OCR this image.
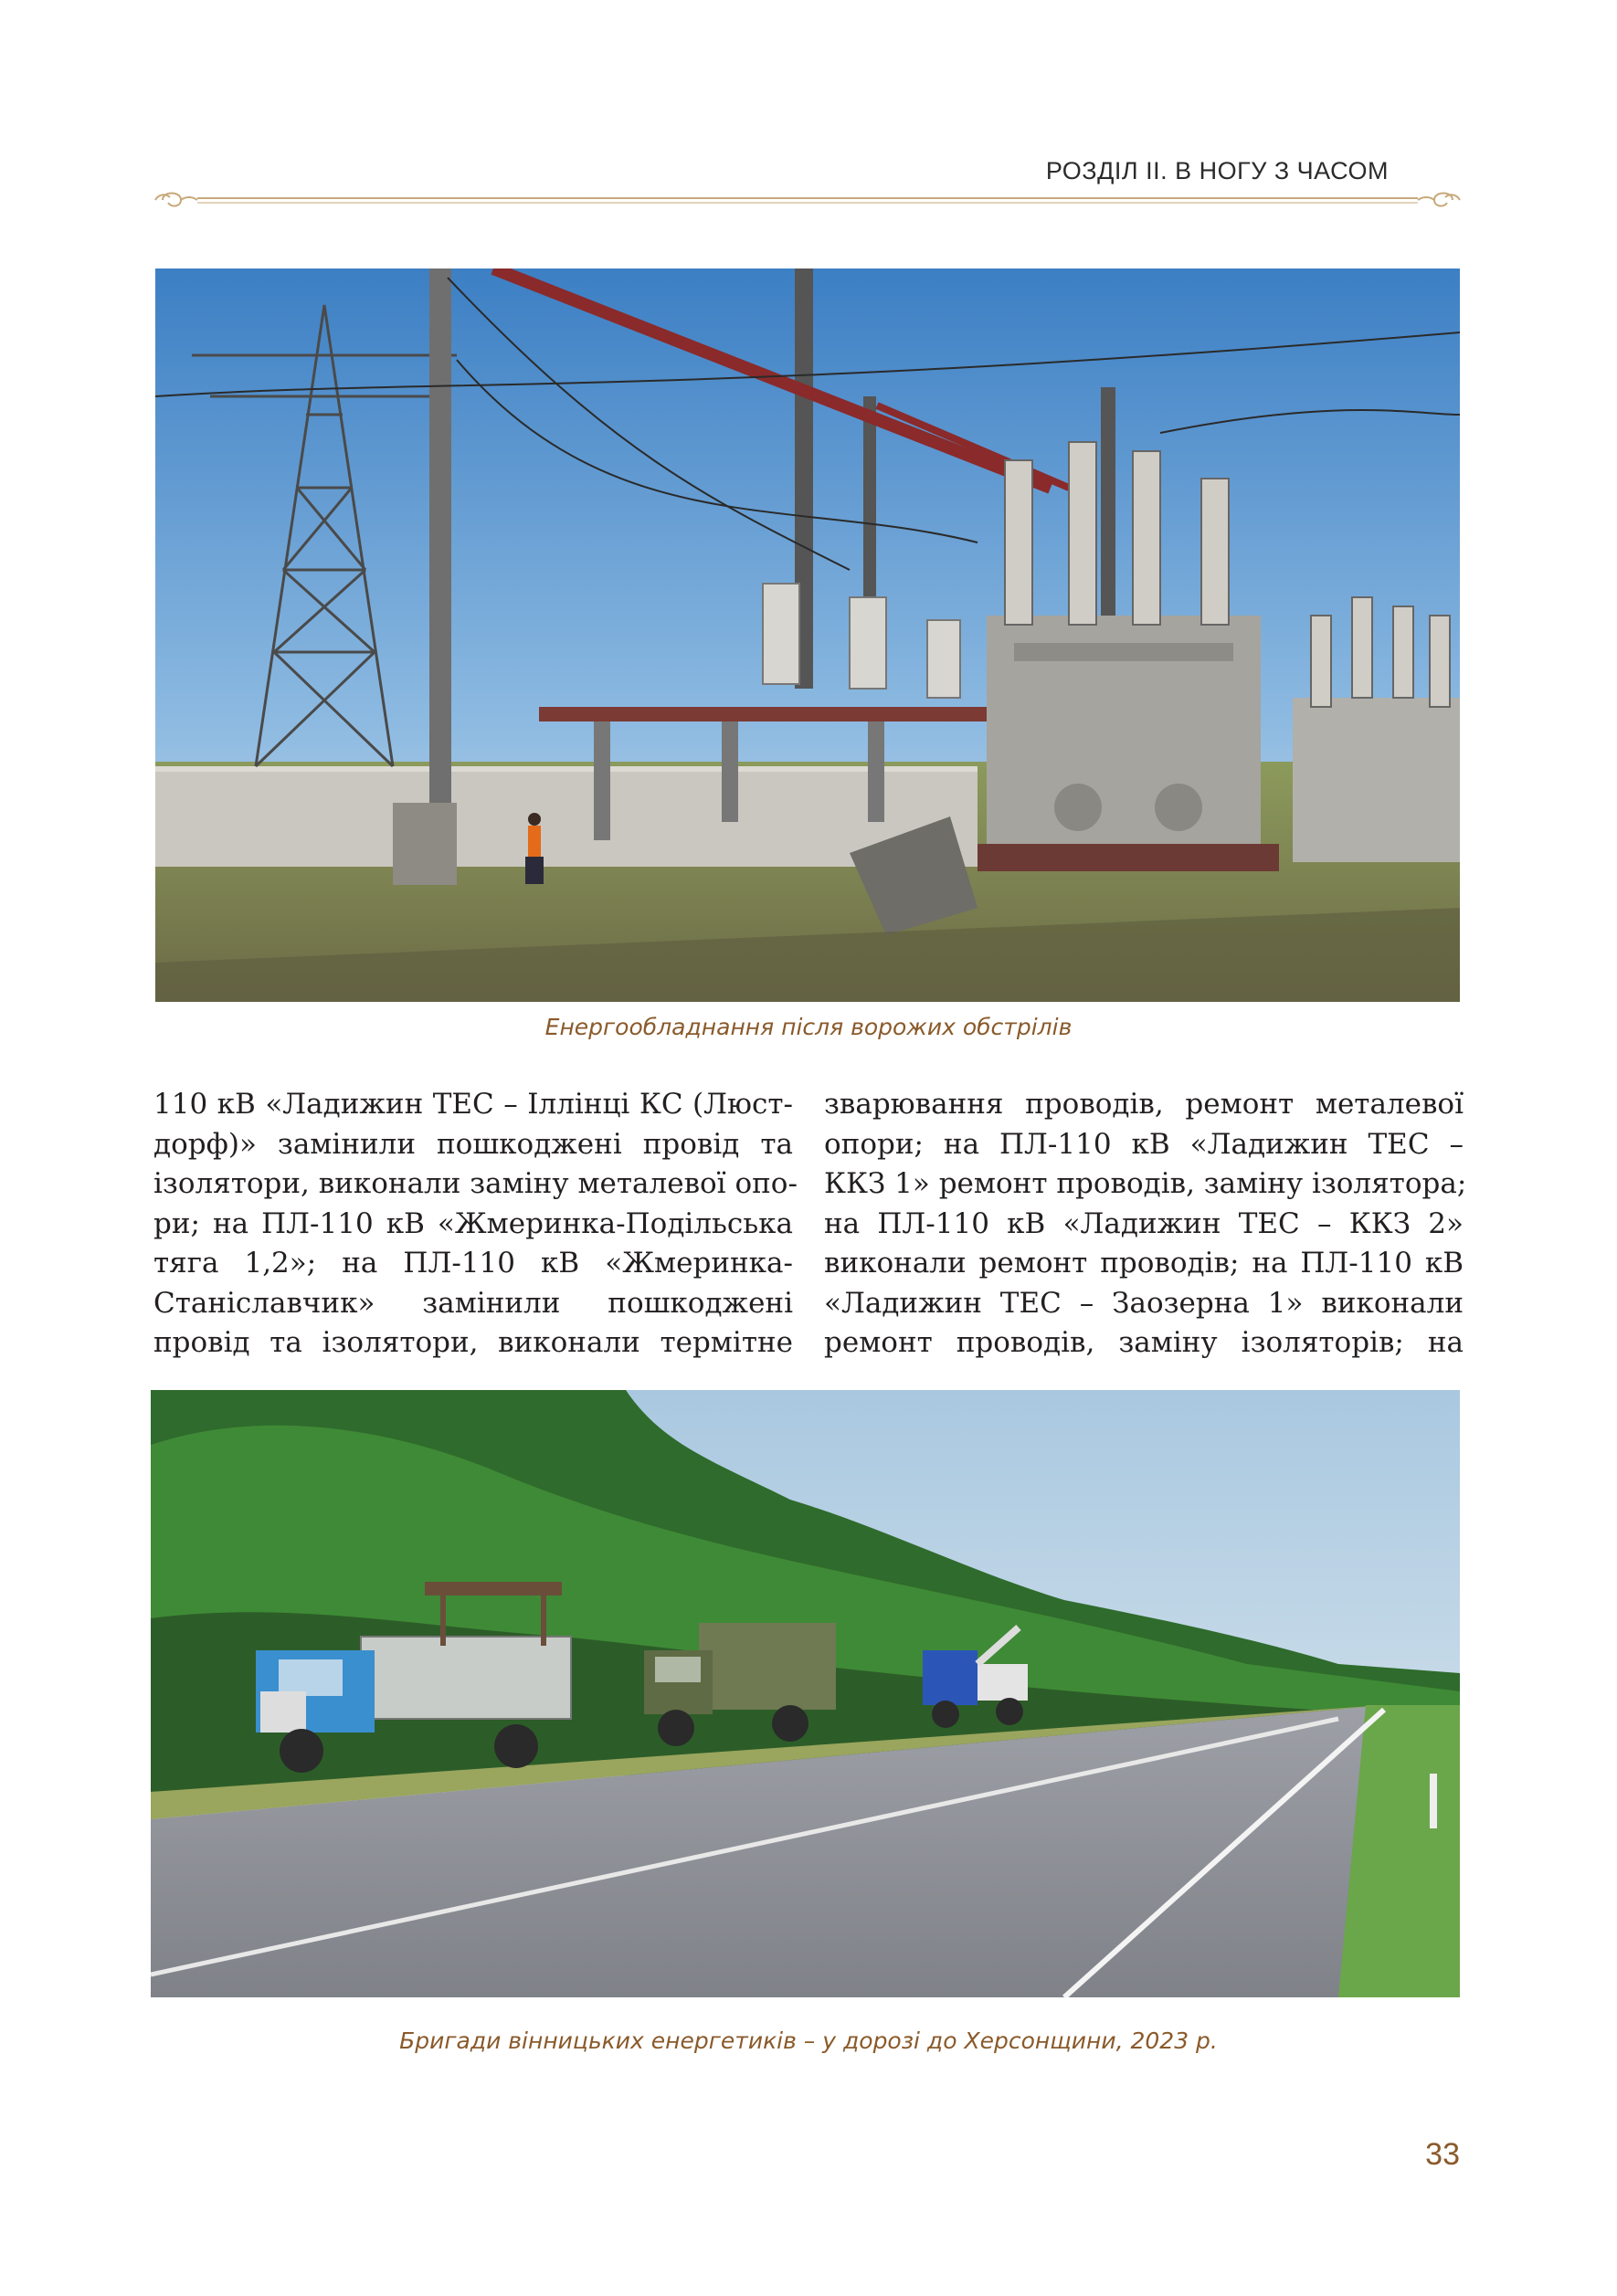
РОЗДІЛ ІІ. В НОГУ З ЧАСОМ
Енергообладнання після ворожих обстрілів
110 кВ «Ладижин ТЕС – Іллінці КС (Люст-
дорф)» замінили пошкоджені провід та
ізолятори, виконали заміну металевої опо-
ри; на ПЛ-110 кВ «Жмеринка-Подільська
тяга 1,2»; на ПЛ-110 кВ «Жмеринка-
Станіславчик» замінили пошкоджені
провід та ізолятори, виконали термітне
зварювання проводів, ремонт металевої
опори; на ПЛ-110 кВ «Ладижин ТЕС –
ККЗ 1» ремонт проводів, заміну ізолятора;
на ПЛ-110 кВ «Ладижин ТЕС – ККЗ 2»
виконали ремонт проводів; на ПЛ-110 кВ
«Ладижин ТЕС – Заозерна 1» виконали
ремонт проводів, заміну ізоляторів; на
Бригади вінницьких енергетиків – у дорозі до Херсонщини, 2023 р.
33
